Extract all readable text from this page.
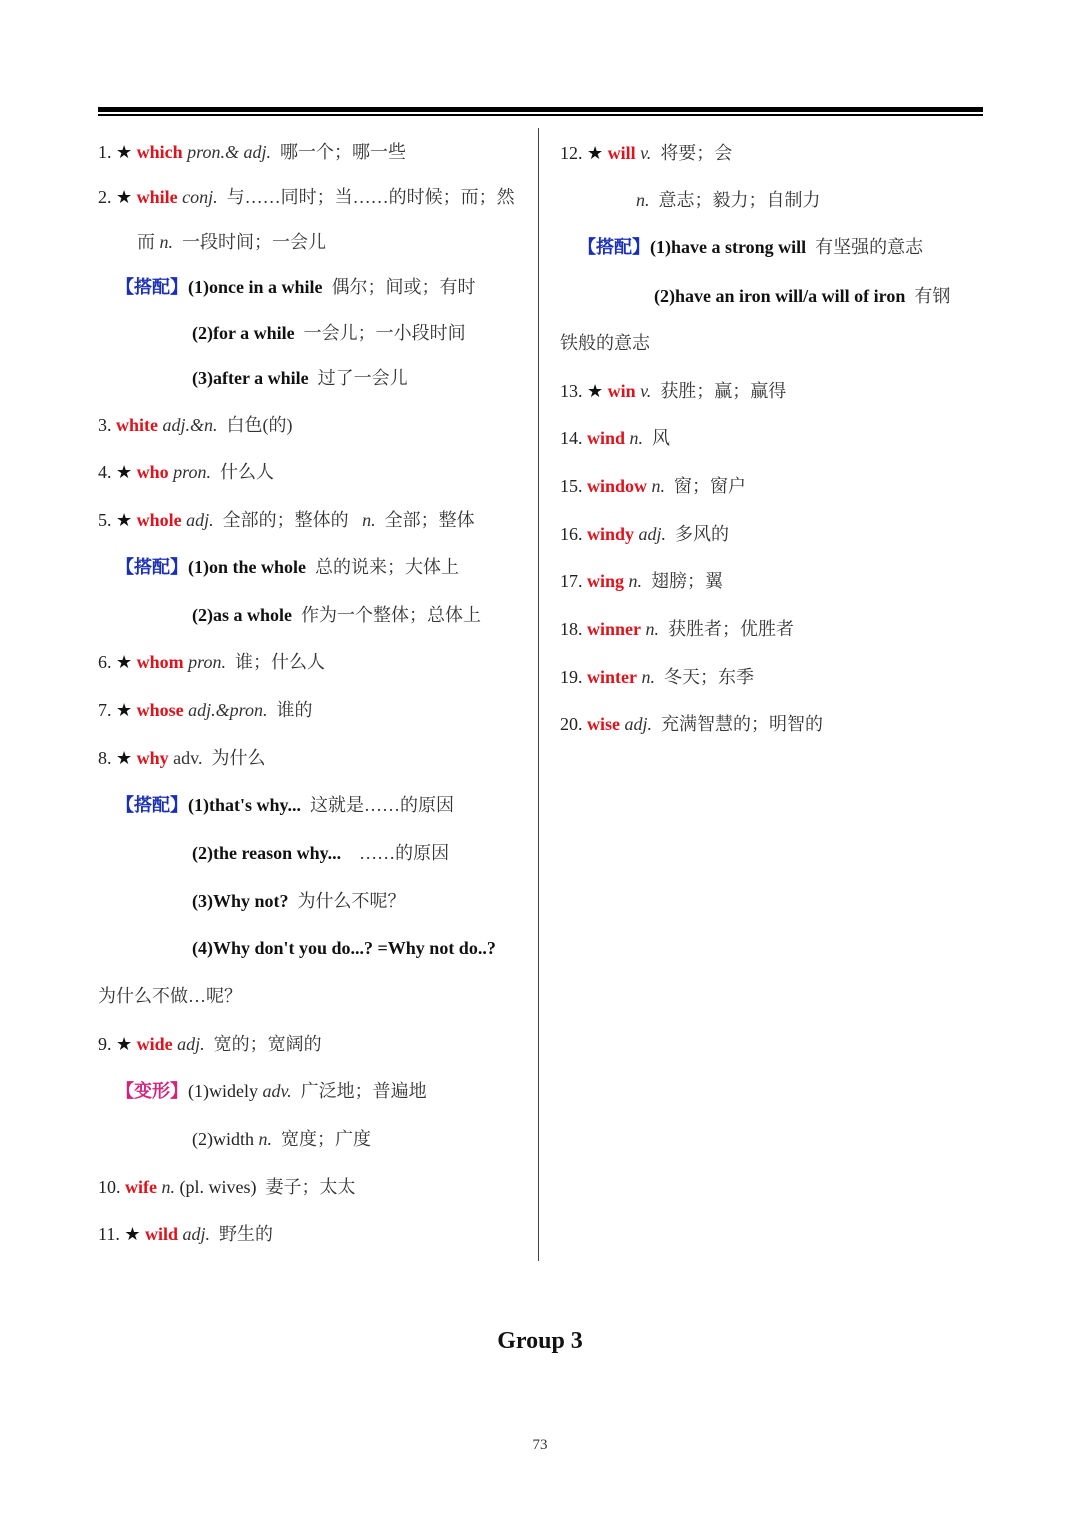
1. ★ which pron.& adj. 哪一个；哪一些
2. ★ while conj. 与……同时；当……的时候；而；然
而 n. 一段时间；一会儿
【搭配】(1)once in a while 偶尔；间或；有时
(2)for a while 一会儿；一小段时间
(3)after a while 过了一会儿
3. white adj.&n. 白色(的)
4. ★ who pron. 什么人
5. ★ whole adj. 全部的；整体的 n. 全部；整体
【搭配】(1)on the whole 总的说来；大体上
(2)as a whole 作为一个整体；总体上
6. ★ whom pron. 谁；什么人
7. ★ whose adj.&pron. 谁的
8. ★ why adv. 为什么
【搭配】(1)that's why... 这就是……的原因
(2)the reason why... ……的原因
(3)Why not? 为什么不呢？
(4)Why don't you do...? =Why not do..?
为什么不做…呢？
9. ★ wide adj. 宽的；宽阔的
【变形】(1)widely adv. 广泛地；普遍地
(2)width n. 宽度；广度
10. wife n. (pl. wives) 妻子；太太
11. ★ wild adj. 野生的
12. ★ will v. 将要；会
n. 意志；毅力；自制力
【搭配】(1)have a strong will 有坚强的意志
(2)have an iron will/a will of iron 有钢
铁般的意志
13. ★ win v. 获胜；赢；赢得
14. wind n. 风
15. window n. 窗；窗户
16. windy adj. 多风的
17. wing n. 翅膀；翼
18. winner n. 获胜者；优胜者
19. winter n. 冬天；东季
20. wise adj. 充满智慧的；明智的
Group 3
73
